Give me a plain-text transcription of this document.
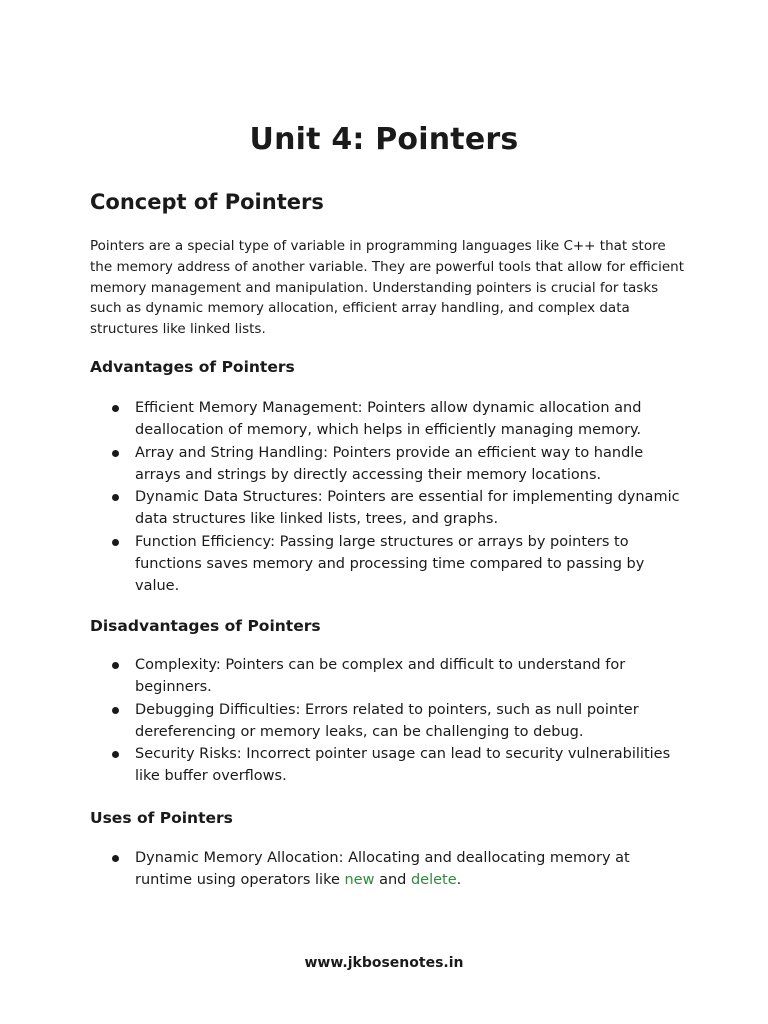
Unit 4: Pointers
Concept of Pointers

Pointers are a special type of variable in programming languages like C++ that store the memory address of another variable. They are powerful tools that allow for efficient memory management and manipulation. Understanding pointers is crucial for tasks such as dynamic memory allocation, efficient array handling, and complex data structures like linked lists.

Advantages of Pointers
Efficient Memory Management: Pointers allow dynamic allocation and deallocation of memory, which helps in efficiently managing memory.
Array and String Handling: Pointers provide an efficient way to handle arrays and strings by directly accessing their memory locations.
Dynamic Data Structures: Pointers are essential for implementing dynamic data structures like linked lists, trees, and graphs.
Function Efficiency: Passing large structures or arrays by pointers to functions saves memory and processing time compared to passing by value.
Disadvantages of Pointers
Complexity: Pointers can be complex and difficult to understand for beginners.
Debugging Difficulties: Errors related to pointers, such as null pointer dereferencing or memory leaks, can be challenging to debug.
Security Risks: Incorrect pointer usage can lead to security vulnerabilities like buffer overflows.
Uses of Pointers
Dynamic Memory Allocation: Allocating and deallocating memory at runtime using operators like new and delete.

www.jkbosenotes.in
